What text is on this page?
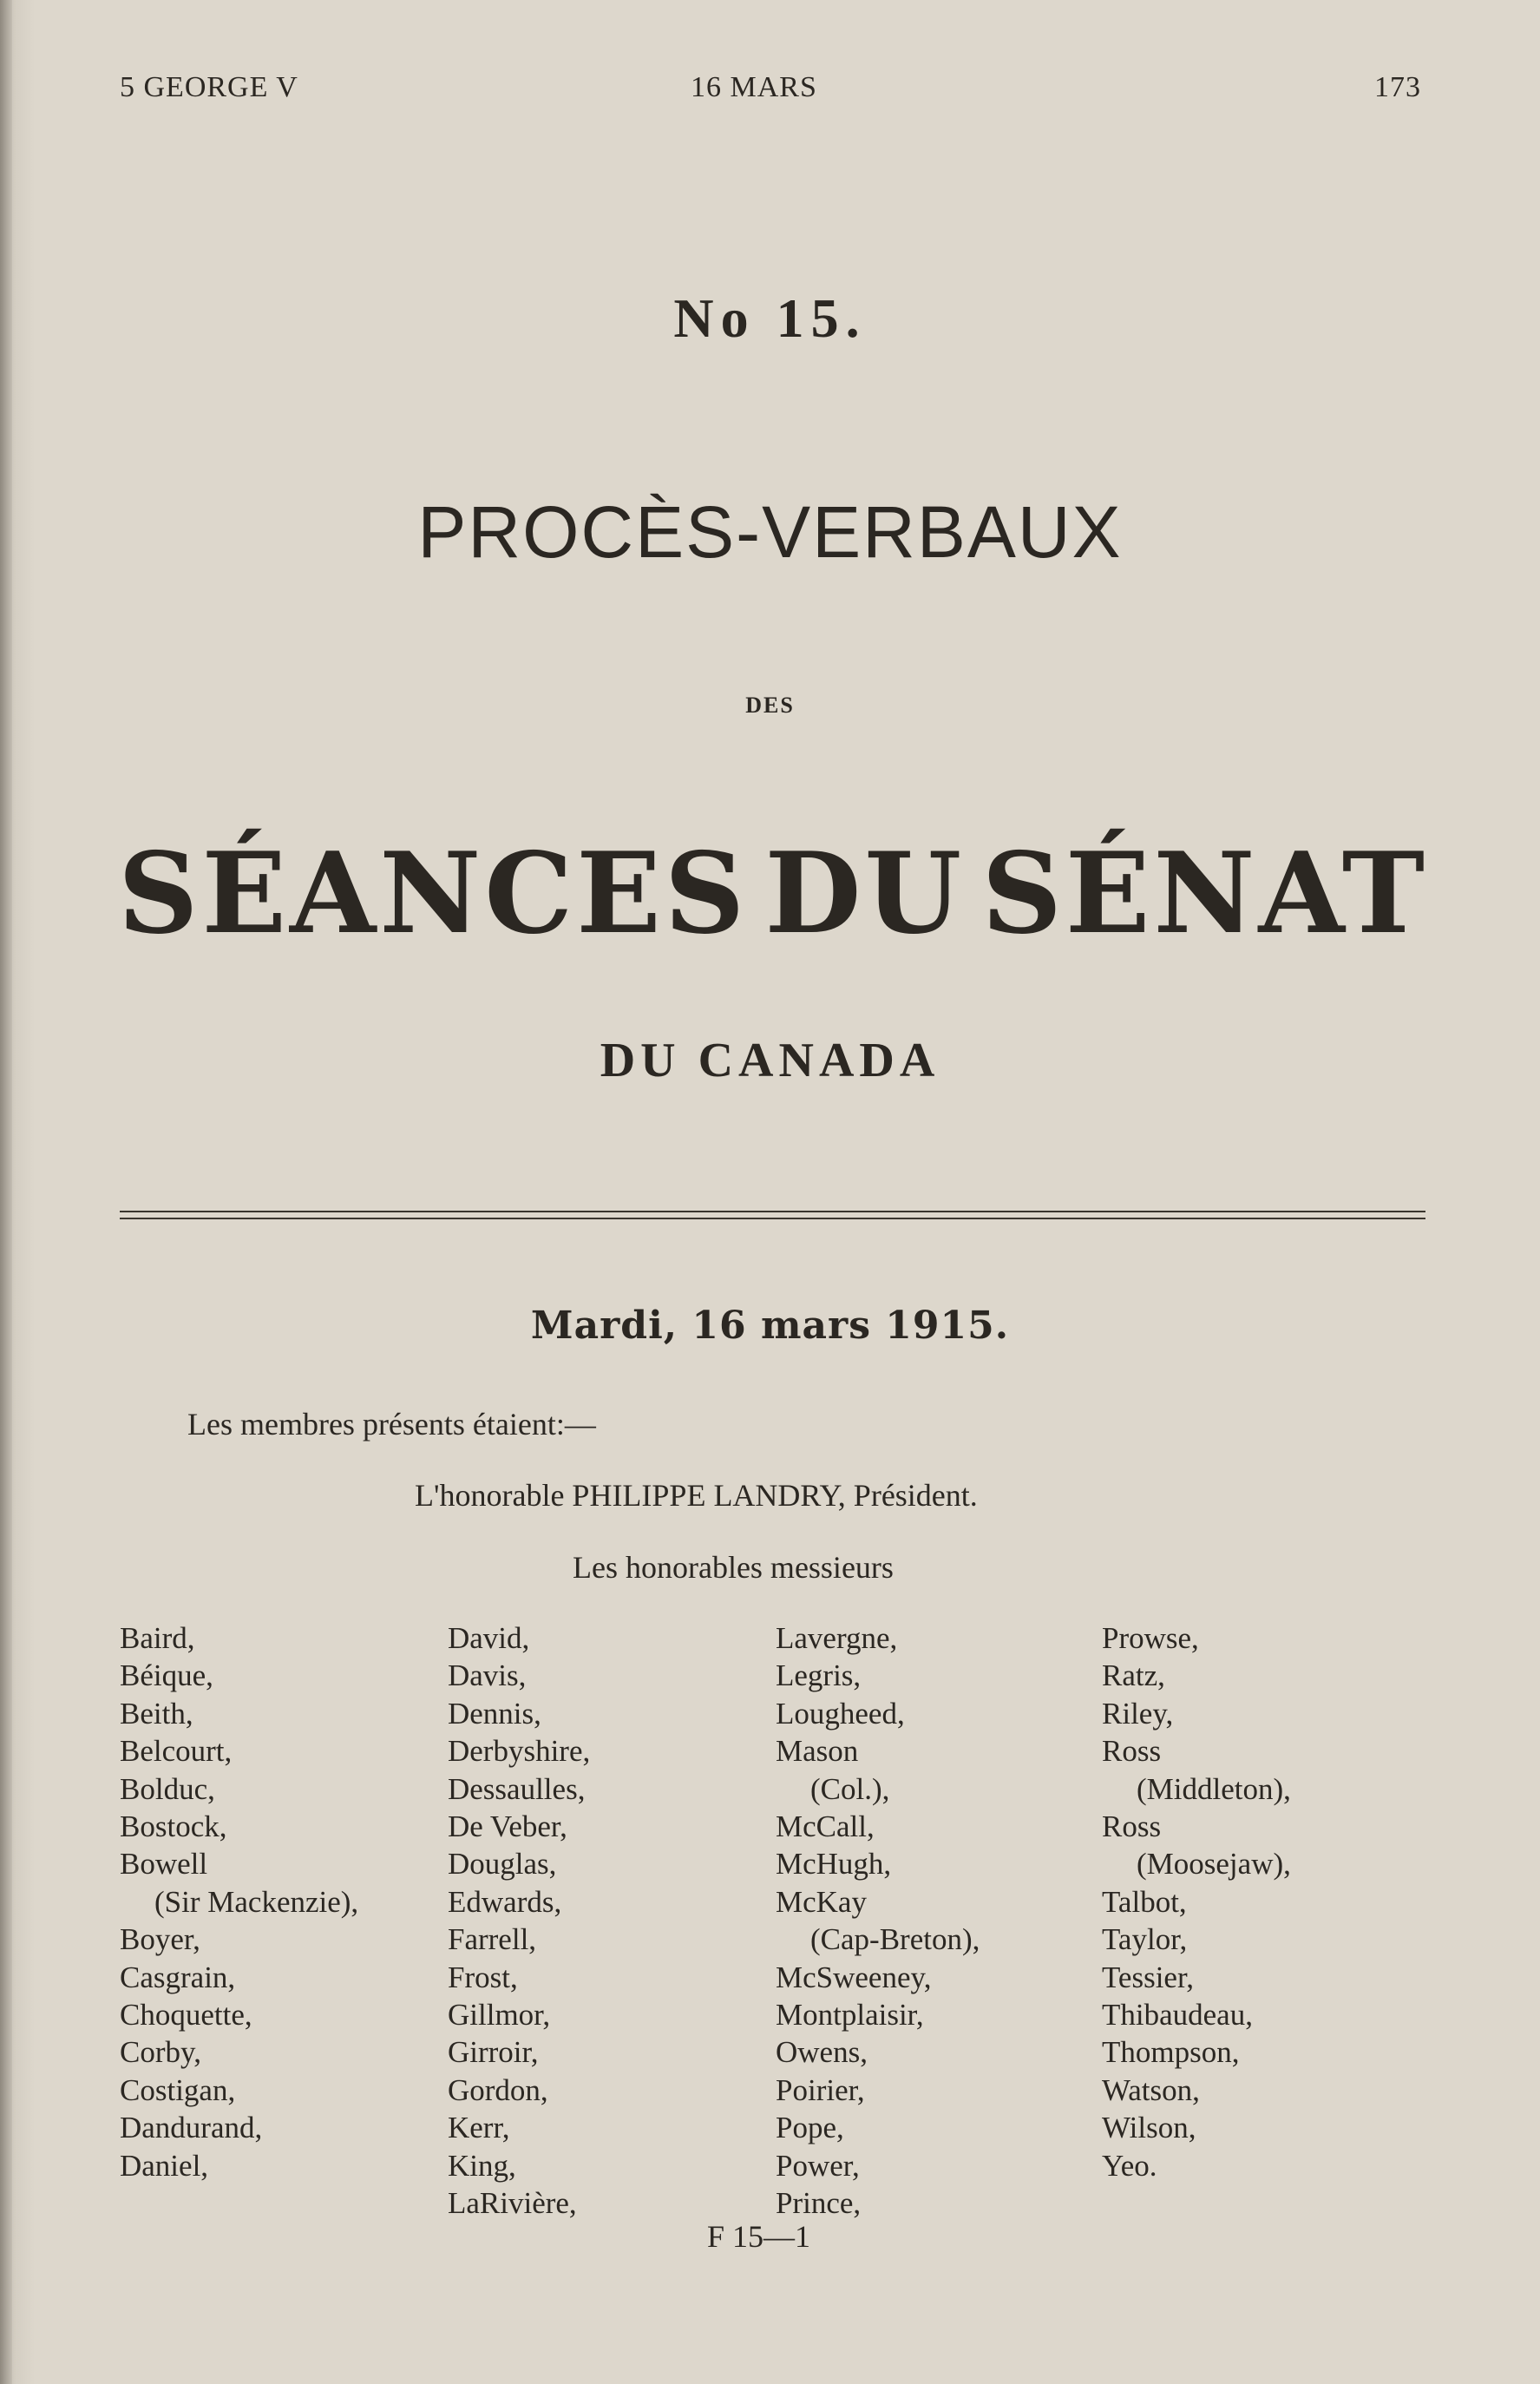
5 GEORGE V	16 MARS	173
No 15.
PROCÈS-VERBAUX
DES
SÉANCES DU SÉNAT
DU CANADA
Mardi, 16 mars 1915.
Les membres présents étaient:—
L'honorable PHILIPPE LANDRY, Président.
Les honorables messieurs
Baird,
Béique,
Beith,
Belcourt,
Bolduc,
Bostock,
Bowell
(Sir Mackenzie),
Boyer,
Casgrain,
Choquette,
Corby,
Costigan,
Dandurand,
Daniel,
David,
Davis,
Dennis,
Derbyshire,
Dessaulles,
De Veber,
Douglas,
Edwards,
Farrell,
Frost,
Gillmor,
Girroir,
Gordon,
Kerr,
King,
LaRivière,
Lavergne,
Legris,
Lougheed,
Mason
(Col.),
McCall,
McHugh,
McKay
(Cap-Breton),
McSweeney,
Montplaisir,
Owens,
Poirier,
Pope,
Power,
Prince,
Prowse,
Ratz,
Riley,
Ross
(Middleton),
Ross
(Moosejaw),
Talbot,
Taylor,
Tessier,
Thibaudeau,
Thompson,
Watson,
Wilson,
Yeo.
F 15—1
